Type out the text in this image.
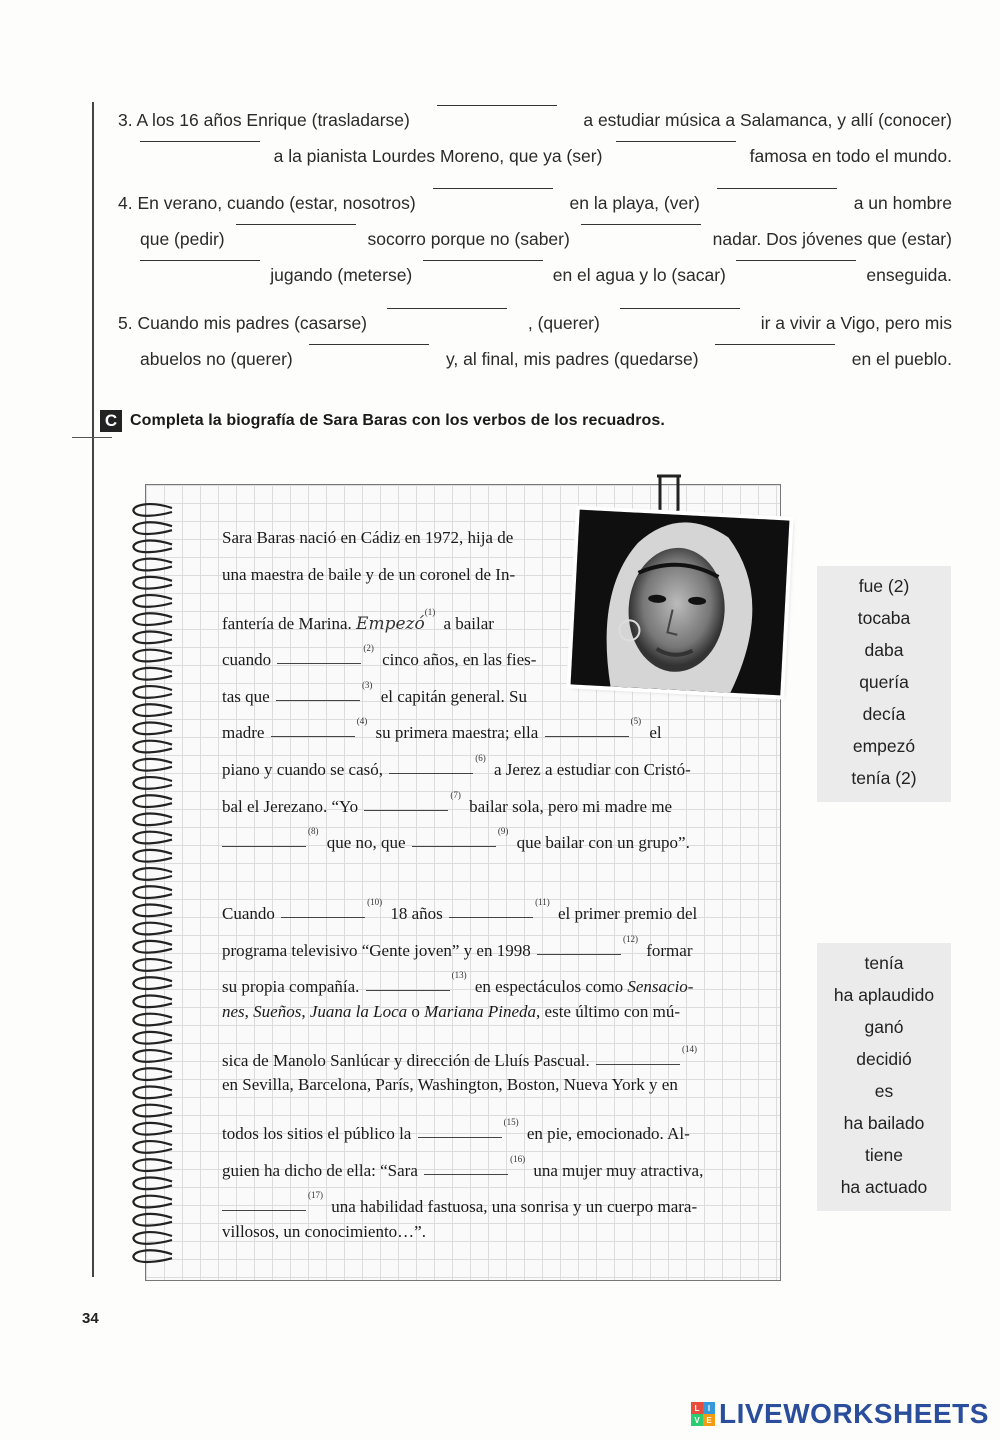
3. A los 16 años Enrique (trasladarse)	a estudiar música a Salamanca, y allí (conocer)
a la pianista Lourdes Moreno, que ya (ser)	famosa en todo el mundo.
4. En verano, cuando (estar, nosotros)	en la playa, (ver)	a un hombre
que (pedir)	socorro porque no (saber)	nadar. Dos jóvenes que (estar)
jugando (meterse)	en el agua y lo (sacar)	enseguida.
5. Cuando mis padres (casarse)	, (querer)	ir a vivir a Vigo, pero mis
abuelos no (querer)	y, al final, mis padres (quedarse)	en el pueblo.
C Completa la biografía de Sara Baras con los verbos de los recuadros.
Sara Baras nació en Cádiz en 1972, hija de
una maestra de baile y de un coronel de In-
fantería de Marina. Empezó$^{(1)}$ a bailar
cuando $^{(2)}$ cinco años, en las fies-
tas que $^{(3)}$ el capitán general. Su
madre $^{(4)}$ su primera maestra; ella $^{(5)}$ el
piano y cuando se casó, $^{(6)}$ a Jerez a estudiar con Cristó-
bal el Jerezano. “Yo $^{(7)}$ bailar sola, pero mi madre me
$^{(8)}$ que no, que $^{(9)}$ que bailar con un grupo”.
Cuando $^{(10)}$ 18 años $^{(11)}$ el primer premio del
programa televisivo “Gente joven” y en 1998 $^{(12)}$ formar
su propia compañía. $^{(13)}$ en espectáculos como Sensacio-
nes, Sueños, Juana la Loca o Mariana Pineda, este último con mú-
sica de Manolo Sanlúcar y dirección de Lluís Pascual. $^{(14)}$
en Sevilla, Barcelona, París, Washington, Boston, Nueva York y en
todos los sitios el público la $^{(15)}$ en pie, emocionado. Al-
guien ha dicho de ella: “Sara $^{(16)}$ una mujer muy atractiva,
$^{(17)}$ una habilidad fastuosa, una sonrisa y un cuerpo mara-
villosos, un conocimiento…”.
fue (2)
tocaba
daba
quería
decía
empezó
tenía (2)
tenía
ha aplaudido
ganó
decidió
es
ha bailado
tiene
ha actuado
34
L	I
V E LIVEWORKSHEETS
